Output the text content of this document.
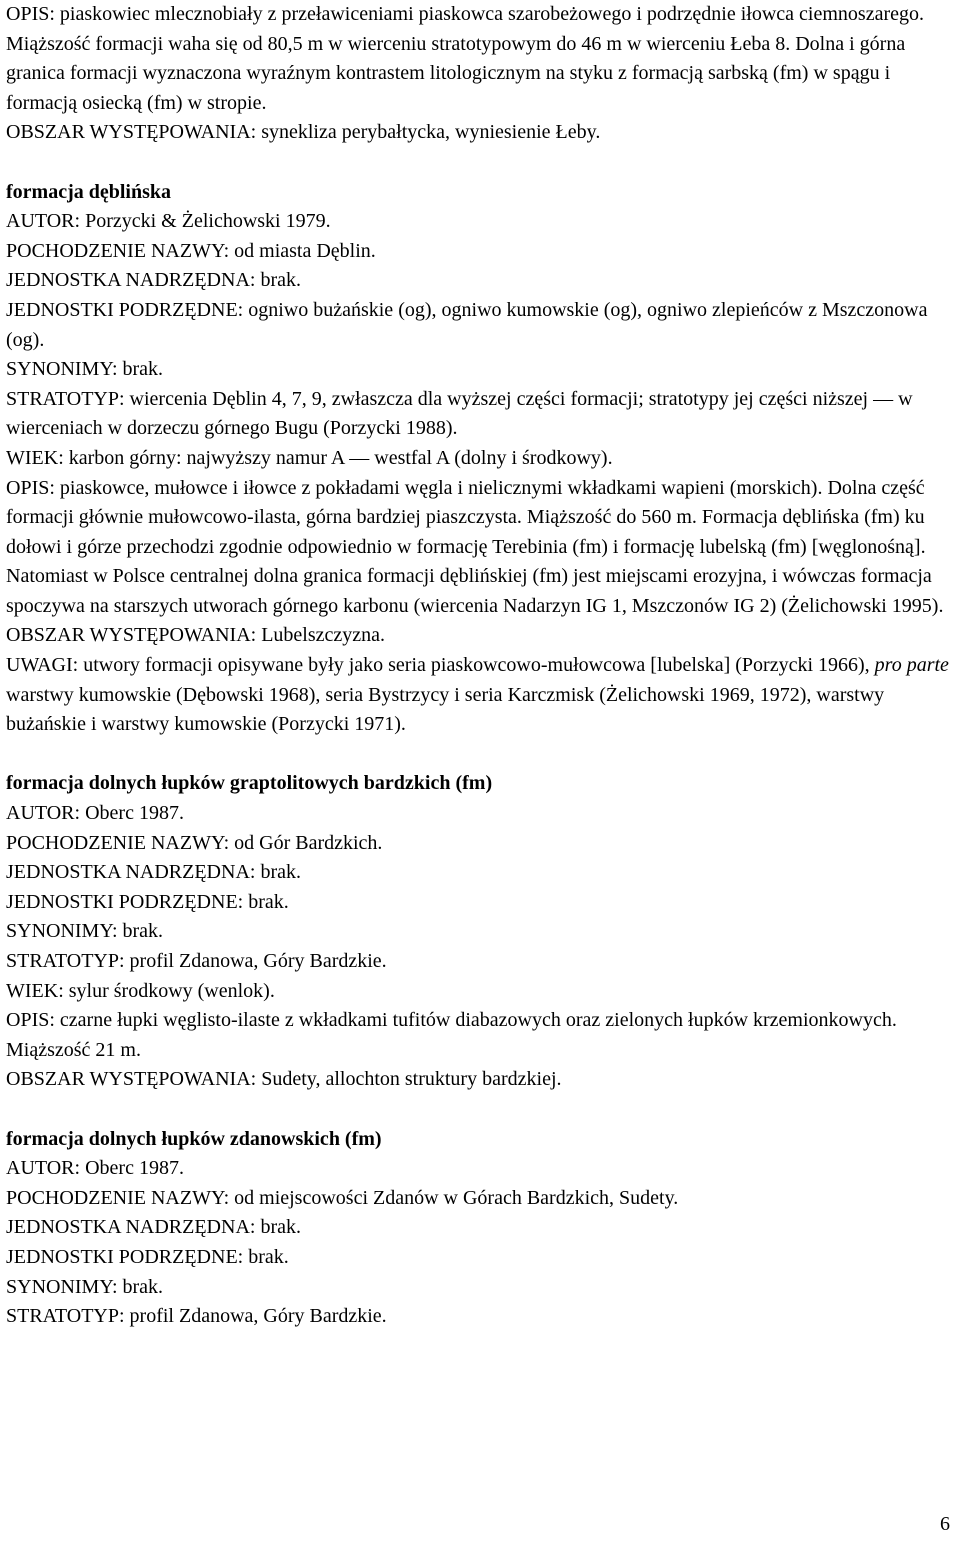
OPIS: piaskowiec mlecznobiały z przeławiceniami piaskowca szarobeżowego i podrzędnie iłowca ciemnoszarego. Miąższość formacji waha się od 80,5 m w wierceniu stratotypowym do 46 m w wierceniu Łeba 8. Dolna i górna granica formacji wyznaczona wyraźnym kontrastem litologicznym na styku z formacją sarbską (fm) w spągu i formacją osiecką (fm) w stropie.

OBSZAR WYSTĘPOWANIA: synekliza perybałtycka, wyniesienie Łeby.

formacja dęblińska

AUTOR: Porzycki & Żelichowski 1979.

POCHODZENIE NAZWY: od miasta Dęblin.

JEDNOSTKA NADRZĘDNA: brak.

JEDNOSTKI PODRZĘDNE: ogniwo bużańskie (og), ogniwo kumowskie (og), ogniwo zlepieńców z Mszczonowa (og).

SYNONIMY: brak.

STRATOTYP: wiercenia Dęblin 4, 7, 9, zwłaszcza dla wyższej części formacji; stratotypy jej części niższej — w wierceniach w dorzeczu górnego Bugu (Porzycki 1988).

WIEK: karbon górny: najwyższy namur A — westfal A (dolny i środkowy).

OPIS: piaskowce, mułowce i iłowce z pokładami węgla i nielicznymi wkładkami wapieni (morskich). Dolna część formacji głównie mułowcowo-ilasta, górna bardziej piaszczysta. Miąższość do 560 m. Formacja dęblińska (fm) ku dołowi i górze przechodzi zgodnie odpowiednio w formację Terebinia (fm) i formację lubelską (fm) [węglonośną]. Natomiast w Polsce centralnej dolna granica formacji dęblińskiej (fm) jest miejscami erozyjna, i wówczas formacja spoczywa na starszych utworach górnego karbonu (wiercenia Nadarzyn IG 1, Mszczonów IG 2) (Żelichowski 1995).

OBSZAR WYSTĘPOWANIA: Lubelszczyzna.

UWAGI: utwory formacji opisywane były jako seria piaskowcowo-mułowcowa [lubelska] (Porzycki 1966), pro parte warstwy kumowskie (Dębowski 1968), seria Bystrzycy i seria Karczmisk (Żelichowski 1969, 1972), warstwy bużańskie i warstwy kumowskie (Porzycki 1971).

formacja dolnych łupków graptolitowych bardzkich (fm)

AUTOR: Oberc 1987.

POCHODZENIE NAZWY: od Gór Bardzkich.

JEDNOSTKA NADRZĘDNA: brak.

JEDNOSTKI PODRZĘDNE: brak.

SYNONIMY: brak.

STRATOTYP: profil Zdanowa, Góry Bardzkie.

WIEK: sylur środkowy (wenlok).

OPIS: czarne łupki węglisto-ilaste z wkładkami tufitów diabazowych oraz zielonych łupków krzemionkowych. Miąższość 21 m.

OBSZAR WYSTĘPOWANIA: Sudety, allochton struktury bardzkiej.

formacja dolnych łupków zdanowskich (fm)

AUTOR: Oberc 1987.

POCHODZENIE NAZWY: od miejscowości Zdanów w Górach Bardzkich, Sudety.

JEDNOSTKA NADRZĘDNA: brak.

JEDNOSTKI PODRZĘDNE: brak.

SYNONIMY: brak.

STRATOTYP: profil Zdanowa, Góry Bardzkie.

6
